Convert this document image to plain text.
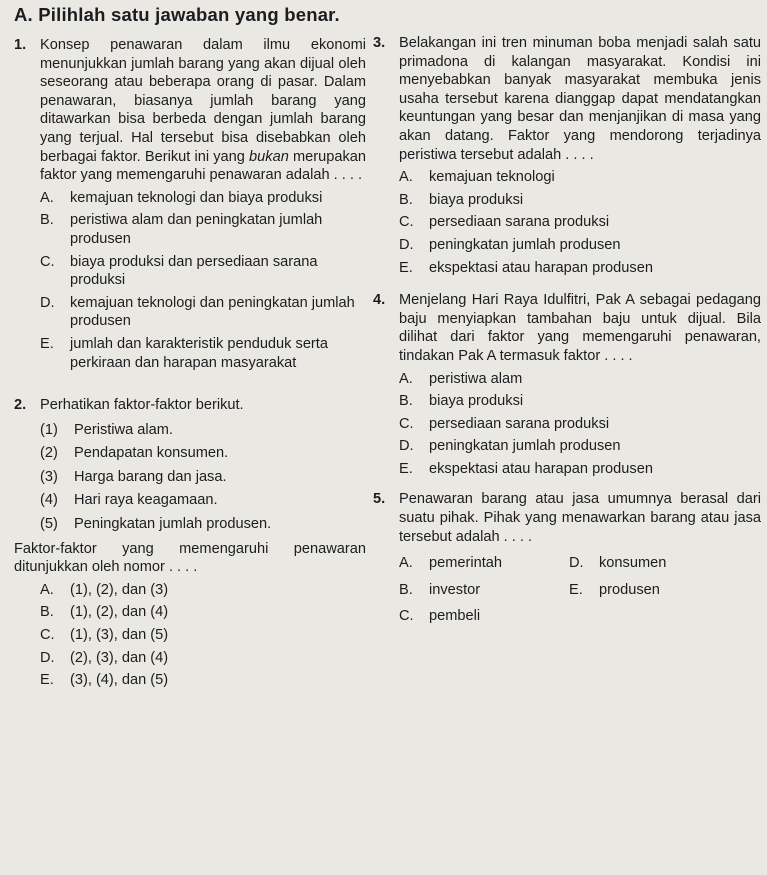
A. Pilihlah satu jawaban yang benar.
1. Konsep penawaran dalam ilmu ekonomi menunjukkan jumlah barang yang akan dijual oleh seseorang atau beberapa orang di pasar. Dalam penawaran, biasanya jumlah barang yang ditawarkan bisa berbeda dengan jumlah barang yang terjual. Hal tersebut bisa disebabkan oleh berbagai faktor. Berikut ini yang bukan merupakan faktor yang memengaruhi penawaran adalah . . . .
A. kemajuan teknologi dan biaya produksi
B. peristiwa alam dan peningkatan jumlah produsen
C. biaya produksi dan persediaan sarana produksi
D. kemajuan teknologi dan peningkatan jumlah produsen
E. jumlah dan karakteristik penduduk serta perkiraan dan harapan masyarakat
2. Perhatikan faktor-faktor berikut.
(1) Peristiwa alam.
(2) Pendapatan konsumen.
(3) Harga barang dan jasa.
(4) Hari raya keagamaan.
(5) Peningkatan jumlah produsen.
Faktor-faktor yang memengaruhi penawaran ditunjukkan oleh nomor . . . .
A. (1), (2), dan (3)
B. (1), (2), dan (4)
C. (1), (3), dan (5)
D. (2), (3), dan (4)
E. (3), (4), dan (5)
3. Belakangan ini tren minuman boba menjadi salah satu primadona di kalangan masyarakat. Kondisi ini menyebabkan banyak masyarakat membuka jenis usaha tersebut karena dianggap dapat mendatangkan keuntungan yang besar dan menjanjikan di masa yang akan datang. Faktor yang mendorong terjadinya peristiwa tersebut adalah . . . .
A. kemajuan teknologi
B. biaya produksi
C. persediaan sarana produksi
D. peningkatan jumlah produsen
E. ekspektasi atau harapan produsen
4. Menjelang Hari Raya Idulfitri, Pak A sebagai pedagang baju menyiapkan tambahan baju untuk dijual. Bila dilihat dari faktor yang memengaruhi penawaran, tindakan Pak A termasuk faktor . . . .
A. peristiwa alam
B. biaya produksi
C. persediaan sarana produksi
D. peningkatan jumlah produsen
E. ekspektasi atau harapan produsen
5. Penawaran barang atau jasa umumnya berasal dari suatu pihak. Pihak yang menawarkan barang atau jasa tersebut adalah . . . .
A. pemerintah	D. konsumen
B. investor	E. produsen
C. pembeli
